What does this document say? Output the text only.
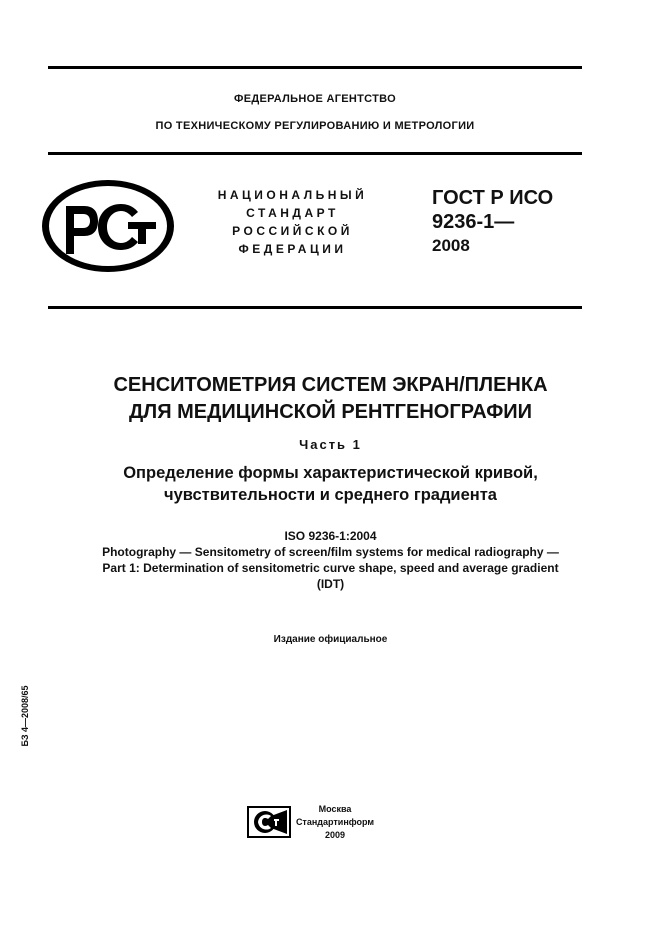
ФЕДЕРАЛЬНОЕ АГЕНТСТВО
ПО ТЕХНИЧЕСКОМУ РЕГУЛИРОВАНИЮ И МЕТРОЛОГИИ
НАЦИОНАЛЬНЫЙ
СТАНДАРТ
РОССИЙСКОЙ
ФЕДЕРАЦИИ
ГОСТ Р ИСО
9236-1—
2008
СЕНСИТОМЕТРИЯ СИСТЕМ ЭКРАН/ПЛЕНКА
ДЛЯ МЕДИЦИНСКОЙ РЕНТГЕНОГРАФИИ
Часть 1
Определение формы характеристической кривой,
чувствительности и среднего градиента
ISO 9236-1:2004
Photography — Sensitometry of screen/film systems for medical radiography —
Part 1: Determination of sensitometric curve shape, speed and average gradient
(IDT)
Издание официальное
БЗ 4—2008/65
Москва
Стандартинформ
2009
